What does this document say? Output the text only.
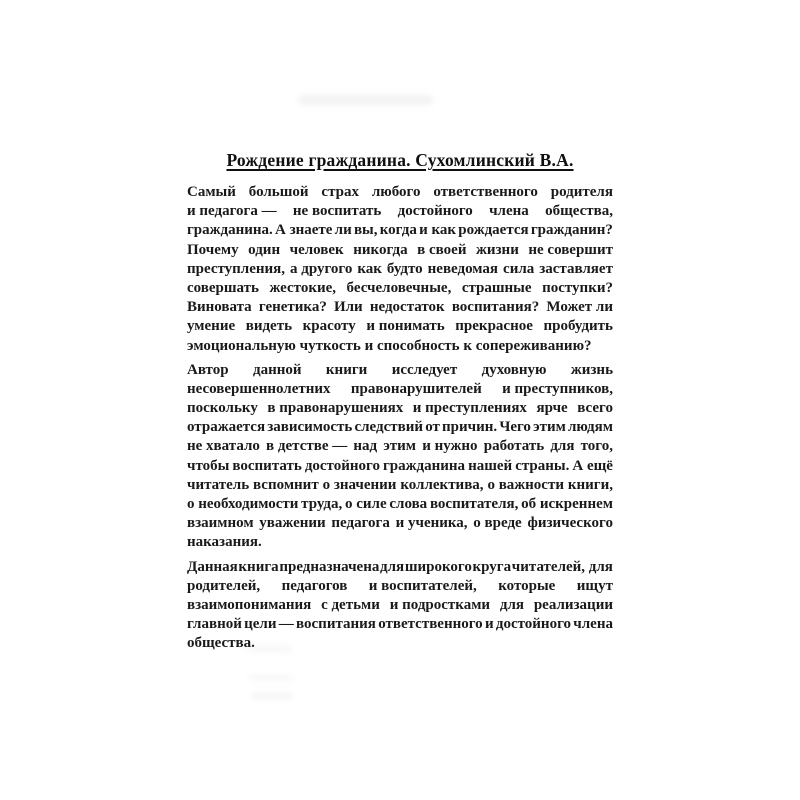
Рождение гражданина. Сухомлинский В.А.
Самый большой страх любого ответственного родителя
и педагога — не воспитать достойного члена общества,
гражданина. А знаете ли вы, когда и как рождается гражданин?
Почему один человек никогда в своей жизни не совершит
преступления, а другого как будто неведомая сила заставляет
совершать жестокие, бесчеловечные, страшные поступки?
Виновата генетика? Или недостаток воспитания? Может ли
умение видеть красоту и понимать прекрасное пробудить
эмоциональную чуткость и способность к сопереживанию?
Автор данной книги исследует духовную жизнь
несовершеннолетних правонарушителей и преступников,
поскольку в правонарушениях и преступлениях ярче всего
отражается зависимость следствий от причин. Чего этим людям
не хватало в детстве — над этим и нужно работать для того,
чтобы воспитать достойного гражданина нашей страны. А ещё
читатель вспомнит о значении коллектива, о важности книги,
о необходимости труда, о силе слова воспитателя, об искреннем
взаимном уважении педагога и ученика, о вреде физического
наказания.
Данная книга предназначена для широкого круга читателей, для
родителей, педагогов и воспитателей, которые ищут
взаимопонимания с детьми и подростками для реализации
главной цели — воспитания ответственного и достойного члена
общества.
